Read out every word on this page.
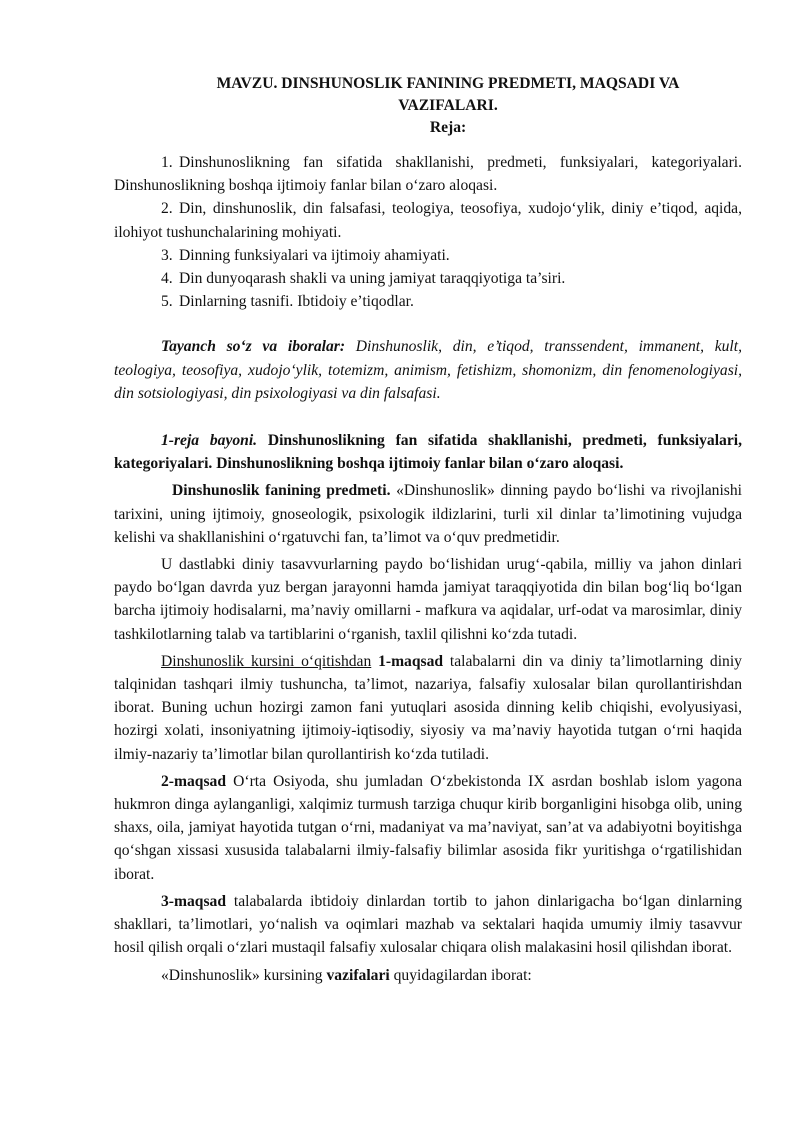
MAVZU. DINSHUNOSLIK FANINING PREDMETI, MAQSADI VA
VAZIFALARI.

Reja:

1. Dinshunoslikning fan sifatida shakllanishi, predmeti, funksiyalari, kategoriyalari. Dinshunoslikning boshqa ijtimoiy fanlar bilan o‘zaro aloqasi.

2. Din, dinshunoslik, din falsafasi, teologiya, teosofiya, xudojo‘ylik, diniy e’tiqod, aqida, ilohiyot tushunchalarining mohiyati.

3. Dinning funksiyalari va ijtimoiy ahamiyati.

4. Din dunyoqarash shakli va uning jamiyat taraqqiyotiga ta’siri.

5. Dinlarning tasnifi. Ibtidoiy e’tiqodlar.

Tayanch so‘z va iboralar: Dinshunoslik, din, e’tiqod, transsendent, immanent, kult, teologiya, teosofiya, xudojo‘ylik, totemizm, animism, fetishizm, shomonizm, din fenomenologiyasi, din sotsiologiyasi, din psixologiyasi va din falsafasi.

1-reja bayoni. Dinshunoslikning fan sifatida shakllanishi, predmeti, funksiyalari, kategoriyalari. Dinshunoslikning boshqa ijtimoiy fanlar bilan o‘zaro aloqasi.

Dinshunoslik fanining predmeti. «Dinshunoslik» dinning paydo bo‘lishi va rivojlanishi tarixini, uning ijtimoiy, gnoseologik, psixologik ildizlarini, turli xil dinlar ta’limotining vujudga kelishi va shakllanishini o‘rgatuvchi fan, ta’limot va o‘quv predmetidir.

U dastlabki diniy tasavvurlarning paydo bo‘lishidan urug‘-qabila, milliy va jahon dinlari paydo bo‘lgan davrda yuz bergan jarayonni hamda jamiyat taraqqiyotida din bilan bog‘liq bo‘lgan barcha ijtimoiy hodisalarni, ma’naviy omillarni - mafkura va aqidalar, urf-odat va marosimlar, diniy tashkilotlarning talab va tartiblarini o‘rganish, taxlil qilishni ko‘zda tutadi.

Dinshunoslik kursini o‘qitishdan 1-maqsad talabalarni din va diniy ta’limotlarning diniy talqinidan tashqari ilmiy tushuncha, ta’limot, nazariya, falsafiy xulosalar bilan qurollantirishdan iborat. Buning uchun hozirgi zamon fani yutuqlari asosida dinning kelib chiqishi, evolyusiyasi, hozirgi xolati, insoniyatning ijtimoiy-iqtisodiy, siyosiy va ma’naviy hayotida tutgan o‘rni haqida ilmiy-nazariy ta’limotlar bilan qurollantirish ko‘zda tutiladi.

2-maqsad O‘rta Osiyoda, shu jumladan O‘zbekistonda IX asrdan boshlab islom yagona hukmron dinga aylanganligi, xalqimiz turmush tarziga chuqur kirib borganligini hisobga olib, uning shaxs, oila, jamiyat hayotida tutgan o‘rni, madaniyat va ma’naviyat, san’at va adabiyotni boyitishga qo‘shgan xissasi xususida talabalarni ilmiy-falsafiy bilimlar asosida fikr yuritishga o‘rgatilishidan iborat.

3-maqsad talabalarda ibtidoiy dinlardan tortib to jahon dinlarigacha bo‘lgan dinlarning shakllari, ta’limotlari, yo‘nalish va oqimlari mazhab va sektalari haqida umumiy ilmiy tasavvur hosil qilish orqali o‘zlari mustaqil falsafiy xulosalar chiqara olish malakasini hosil qilishdan iborat.

«Dinshunoslik» kursining vazifalari quyidagilardan iborat:
